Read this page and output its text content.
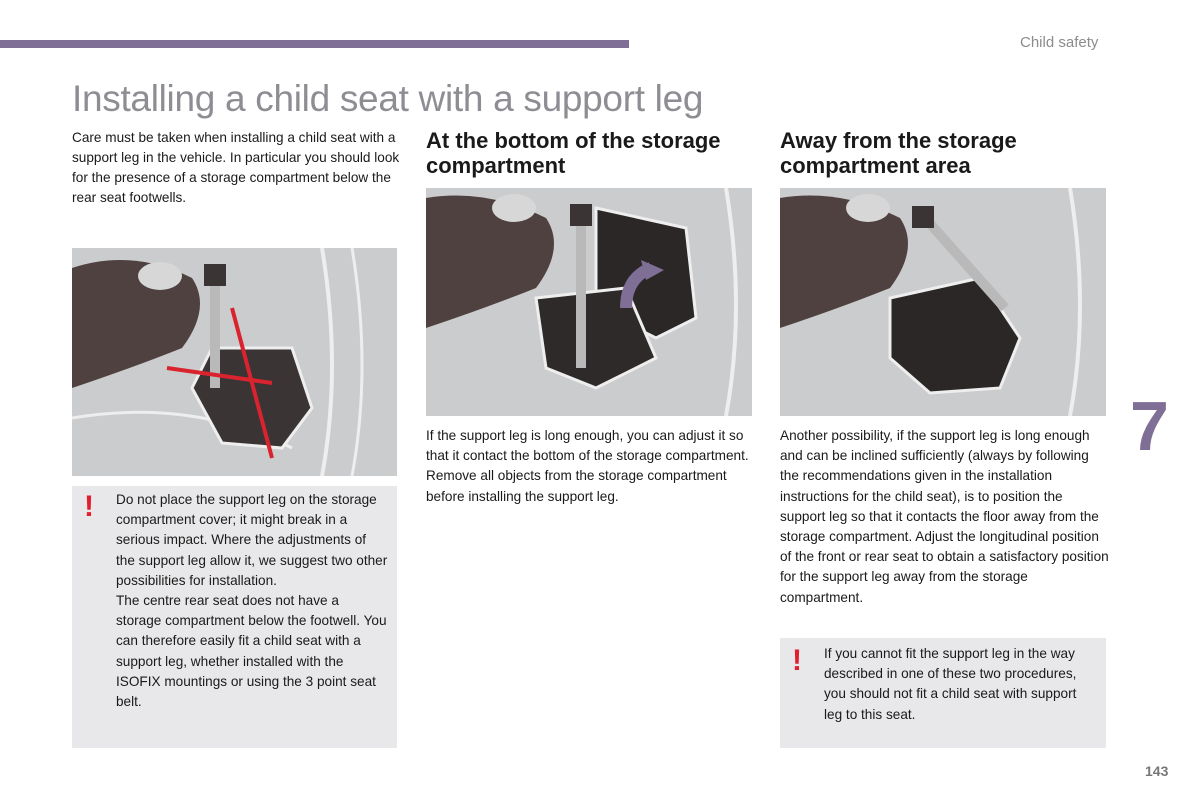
Child safety
Installing a child seat with a support leg
Care must be taken when installing a child seat with a support leg in the vehicle. In particular you should look for the presence of a storage compartment below the rear seat footwells.
! Do not place the support leg on the storage compartment cover; it might break in a serious impact. Where the adjustments of the support leg allow it, we suggest two other possibilities for installation.
The centre rear seat does not have a storage compartment below the footwell. You can therefore easily fit a child seat with a support leg, whether installed with the ISOFIX mountings or using the 3 point seat belt.
At the bottom of the storage compartment
If the support leg is long enough, you can adjust it so that it contact the bottom of the storage compartment. Remove all objects from the storage compartment before installing the support leg.
Away from the storage compartment area
Another possibility, if the support leg is long enough and can be inclined sufficiently (always by following the recommendations given in the installation instructions for the child seat), is to position the support leg so that it contacts the floor away from the storage compartment. Adjust the longitudinal position of the front or rear seat to obtain a satisfactory position for the support leg away from the storage compartment.
! If you cannot fit the support leg in the way described in one of these two procedures, you should not fit a child seat with support leg to this seat.
7
143
